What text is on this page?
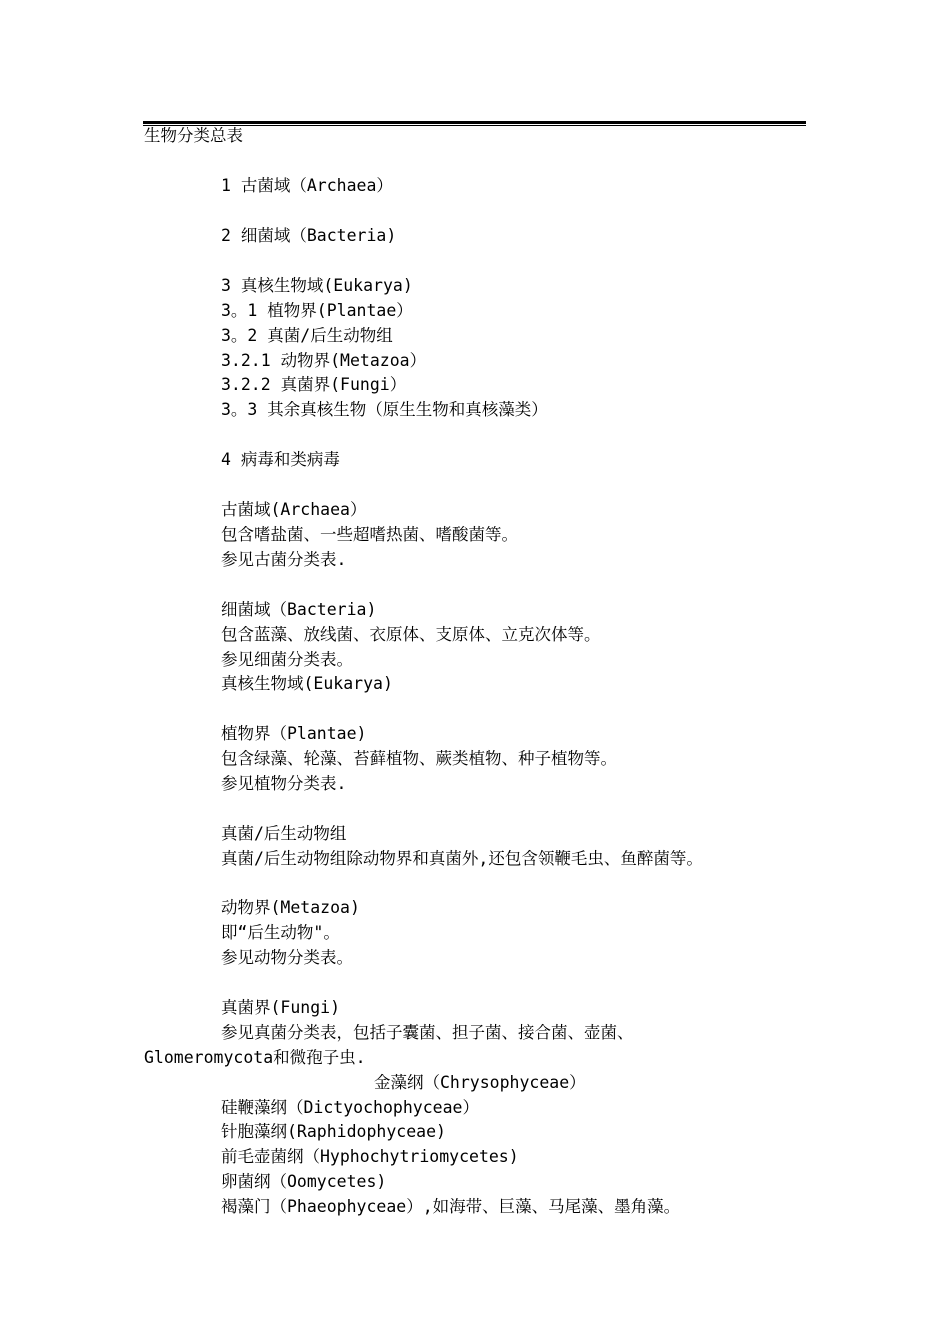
生物分类总表
1 古菌域（Archaea）
2 细菌域（Bacteria)
3 真核生物域(Eukarya)
3。1 植物界(Plantae）
3。2 真菌/后生动物组
3.2.1 动物界(Metazoa）
3.2.2 真菌界(Fungi）
3。3 其余真核生物（原生生物和真核藻类）
4 病毒和类病毒
古菌域(Archaea）
包含嗜盐菌、一些超嗜热菌、嗜酸菌等。
参见古菌分类表.
细菌域（Bacteria)
包含蓝藻、放线菌、衣原体、支原体、立克次体等。
参见细菌分类表。
真核生物域(Eukarya)
植物界（Plantae)
包含绿藻、轮藻、苔藓植物、蕨类植物、种子植物等。
参见植物分类表.
真菌/后生动物组
真菌/后生动物组除动物界和真菌外,还包含领鞭毛虫、鱼醉菌等。
动物界(Metazoa)
即“后生动物"。
参见动物分类表。
真菌界(Fungi)
参见真菌分类表，包括子囊菌、担子菌、接合菌、壶菌、
Glomeromycota和微孢子虫.
金藻纲（Chrysophyceae）
硅鞭藻纲（Dictyochophyceae）
针胞藻纲(Raphidophyceae)
前毛壶菌纲（Hyphochytriomycetes)
卵菌纲（Oomycetes)
褐藻门（Phaeophyceae）,如海带、巨藻、马尾藻、墨角藻。
